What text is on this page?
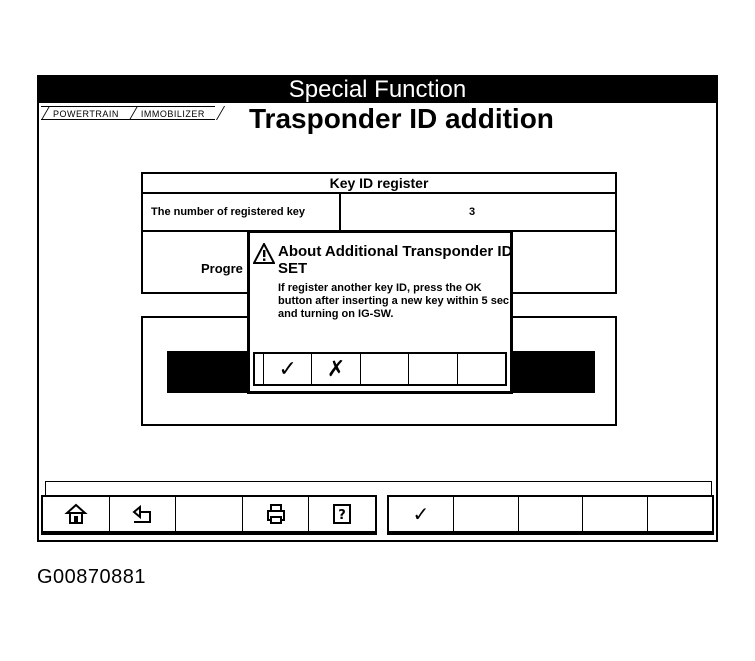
Special Function
POWERTRAIN	IMMOBILIZER	Trasponder ID addition
Key ID register
The number of registered key	3
Progre
About Additional Transponder ID SET
If register another key ID, press the OK button after inserting a new key within 5 sec and turning on IG-SW.
✓ ✗
?	✓
G00870881
